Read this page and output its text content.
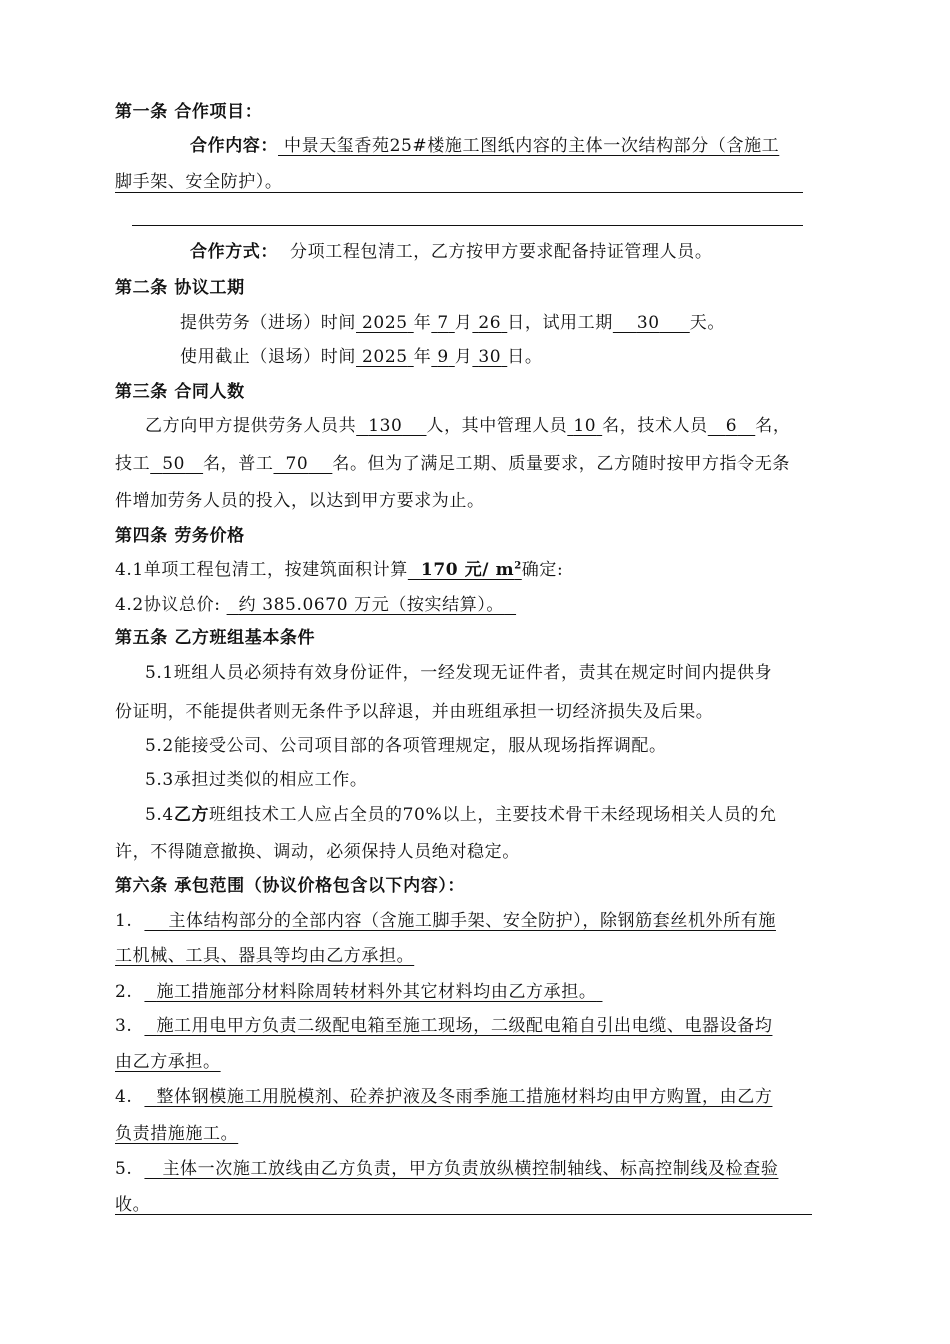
第一条 合作项目：
合作内容： 中景天玺香苑25#楼施工图纸内容的主体一次结构部分（含施工
脚手架、安全防护）。
合作方式： 分项工程包清工，乙方按甲方要求配备持证管理人员。
第二条 协议工期
提供劳务（进场）时间 2025 年 7 月 26 日，试用工期 30 天。
使用截止（退场）时间 2025 年 9 月 30 日。
第三条 合同人数
乙方向甲方提供劳务人员共 130 人，其中管理人员 10 名，技术人员 6 名，
技工 50 名，普工 70 名。但为了满足工期、质量要求，乙方随时按甲方指令无条
件增加劳务人员的投入，以达到甲方要求为止。
第四条 劳务价格
4.1单项工程包清工，按建筑面积计算 170 元/ $m^2$确定:
4.2协议总价: 约 385.0670 万元（按实结算）。
第五条 乙方班组基本条件
5.1班组人员必须持有效身份证件，一经发现无证件者，责其在规定时间内提供身
份证明，不能提供者则无条件予以辞退，并由班组承担一切经济损失及后果。
5.2能接受公司、公司项目部的各项管理规定，服从现场指挥调配。
5.3承担过类似的相应工作。
5.4乙方班组技术工人应占全员的70%以上，主要技术骨干未经现场相关人员的允
许，不得随意撤换、调动，必须保持人员绝对稳定。
第六条 承包范围（协议价格包含以下内容）：
1. 主体结构部分的全部内容（含施工脚手架、安全防护），除钢筋套丝机外所有施
工机械、工具、器具等均由乙方承担。
2. 施工措施部分材料除周转材料外其它材料均由乙方承担。
3. 施工用电甲方负责二级配电箱至施工现场，二级配电箱自引出电缆、电器设备均
由乙方承担。
4. 整体钢模施工用脱模剂、砼养护液及冬雨季施工措施材料均由甲方购置，由乙方
负责措施施工。
5. 主体一次施工放线由乙方负责，甲方负责放纵横控制轴线、标高控制线及检查验
收。
